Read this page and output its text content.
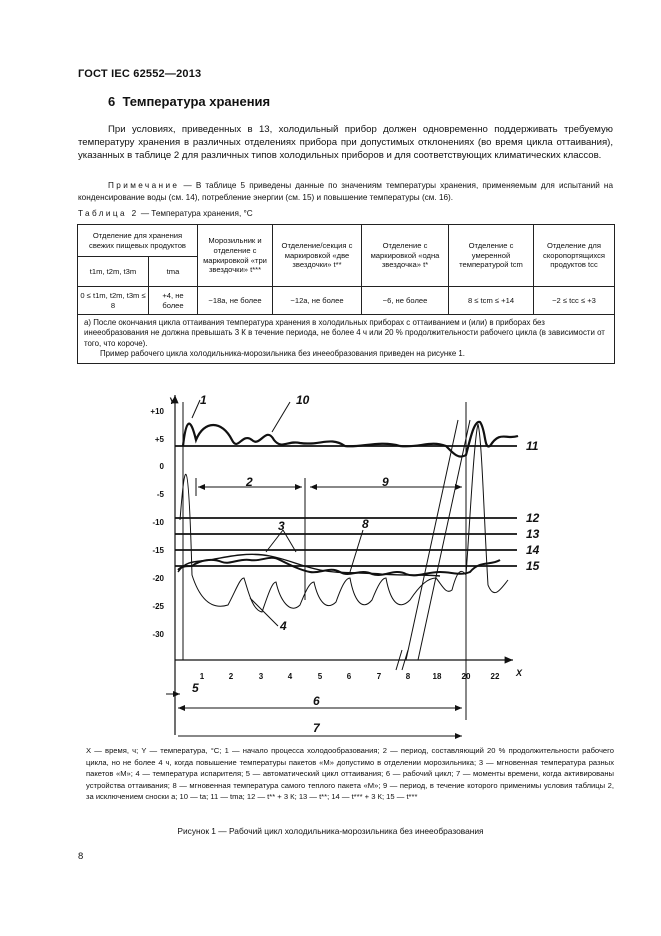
ГОСТ IEC 62552—2013
6 Температура хранения
При условиях, приведенных в 13, холодильный прибор должен одновременно поддерживать требуемую температуру хранения в различных отделениях прибора при допустимых отклонениях (во время цикла оттаивания), указанных в таблице 2 для различных типов холодильных приборов и для соответствующих климатических классов.
Примечание — В таблице 5 приведены данные по значениям температуры хранения, применяемым для испытаний на конденсирование воды (см. 14), потребление энергии (см. 15) и повышение температуры (см. 16).
Таблица 2 — Температура хранения, °С
Отделение для хранения свежих пищевых продуктов		Морозильник и отделение с маркировкой «три звездочки» t***	Отделение/секция с маркировкой «две звездочки» t**	Отделение с маркировкой «одна звездочка» t*	Отделение с умеренной температурой tcm	Отделение для скоропортящихся продуктов tcc
t1m, t2m, t3m	tma					
0 ≤ t1m, t2m, t3m ≤ 8	+4, не более	−18а, не более	−12а, не более	−6, не более	8 ≤ tcm ≤ +14	−2 ≤ tcc ≤ +3

а) После окончания цикла оттаивания температура хранения в холодильных приборах с оттаиванием и (или) в приборах без инееобразования не должна превышать 3 К в течение периода, не более 4 ч или 20 % продолжительности рабочего цикла (в зависимости от того, что короче).
Пример рабочего цикла холодильника-морозильника без инееобразования приведен на рисунке 1.						
Y
X
+10
+5
0
-5
-10
-15
-20
-25
-30
1	2	3	4	5	6	7	8	18	20	22
1
2
3
4
5
6
7
8
9
10
11
12
13
14
15
X — время, ч; Y — температура, °С; 1 — начало процесса холодообразования; 2 — период, составляющий 20 % продолжительности рабочего цикла, но не более 4 ч, когда повышение температуры пакетов «М» допустимо в отделении морозильника; 3 — мгновенная температура разных пакетов «М»; 4 — температура испарителя; 5 — автоматический цикл оттаивания; 6 — рабочий цикл; 7 — моменты времени, когда активированы устройства оттаивания; 8 — мгновенная температура самого теплого пакета «М»; 9 — период, в течение которого применимы условия таблицы 2, за исключением сноски а; 10 — ta; 11 — tma; 12 — t** + 3 К; 13 — t**; 14 — t*** + 3 К; 15 — t***
Рисунок 1 — Рабочий цикл холодильника-морозильника без инееобразования
8
